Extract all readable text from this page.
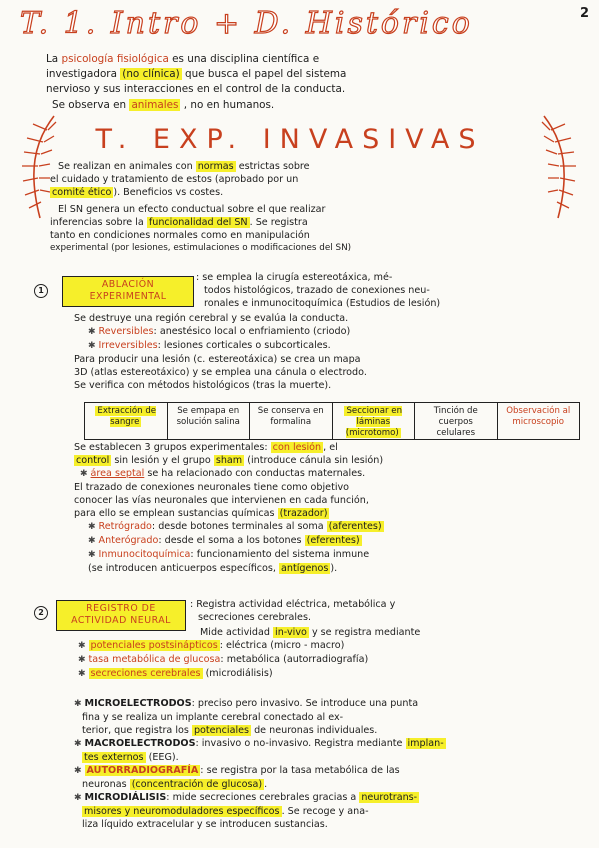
2
T. 1. Intro + D. Histórico
La psicología fisiológica es una disciplina científica e
investigadora (no clínica) que busca el papel del sistema
nervioso y sus interacciones en el control de la conducta.
Se observa en animales , no en humanos.
T. EXP. INVASIVAS
Se realizan en animales con normas estrictas sobre
el cuidado y tratamiento de estos (aprobado por un
comité ético ). Beneficios vs costes.
El SN genera un efecto conductual sobre el que realizar
inferencias sobre la funcionalidad del SN . Se registra
tanto en condiciones normales como en manipulación
experimental (por lesiones, estimulaciones o modificaciones del SN)
1
ABLACIÓN EXPERIMENTAL
: se emplea la cirugía estereotáxica, mé-
todos histológicos, trazado de conexiones neu-
ronales e inmunocitoquímica (Estudios de lesión)
Se destruye una región cerebral y se evalúa la conducta.
✱ Reversibles: anestésico local o enfriamiento (criodo)
✱ Irreversibles: lesiones corticales o subcorticales.
Para producir una lesión (c. estereotáxica) se crea un mapa
3D (atlas estereotáxico) y se emplea una cánula o electrodo.
Se verifica con métodos histológicos (tras la muerte).
Extracción de sangre
Se empapa en solución salina
Se conserva en formalina
Seccionar en láminas (microtomo)
Tinción de cuerpos celulares
Observación al microscopio
Se establecen 3 grupos experimentales: con lesión , el
control sin lesión y el grupo sham (introduce cánula sin lesión)
✱ área septal se ha relacionado con conductas maternales.
El trazado de conexiones neuronales tiene como objetivo
conocer las vías neuronales que intervienen en cada función,
para ello se emplean sustancias químicas (trazador)
✱ Retrógrado: desde botones terminales al soma (aferentes)
✱ Anterógrado: desde el soma a los botones (eferentes)
✱ Inmunocitoquímica: funcionamiento del sistema inmune
(se introducen anticuerpos específicos, antígenos ).
2	REGISTRO DE ACTIVIDAD NEURAL
: Registra actividad eléctrica, metabólica y
secreciones cerebrales.
Mide actividad in-vivo y se registra mediante
✱ potenciales postsinápticos : eléctrica (micro - macro)
✱ tasa metabólica de glucosa: metabólica (autorradiografía)
✱ secreciones cerebrales (microdiálisis)
✱ MICROELECTRODOS: preciso pero invasivo. Se introduce una punta
fina y se realiza un implante cerebral conectado al ex-
terior, que registra los potenciales de neuronas individuales.
✱ MACROELECTRODOS: invasivo o no-invasivo. Registra mediante implan-
tes externos (EEG).
✱ AUTORRADIOGRAFÍA : se registra por la tasa metabólica de las
neuronas (concentración de glucosa) .
✱ MICRODIÁLISIS: mide secreciones cerebrales gracias a neurotrans-
misores y neuromoduladores específicos . Se recoge y ana-
liza líquido extracelular y se introducen sustancias.
